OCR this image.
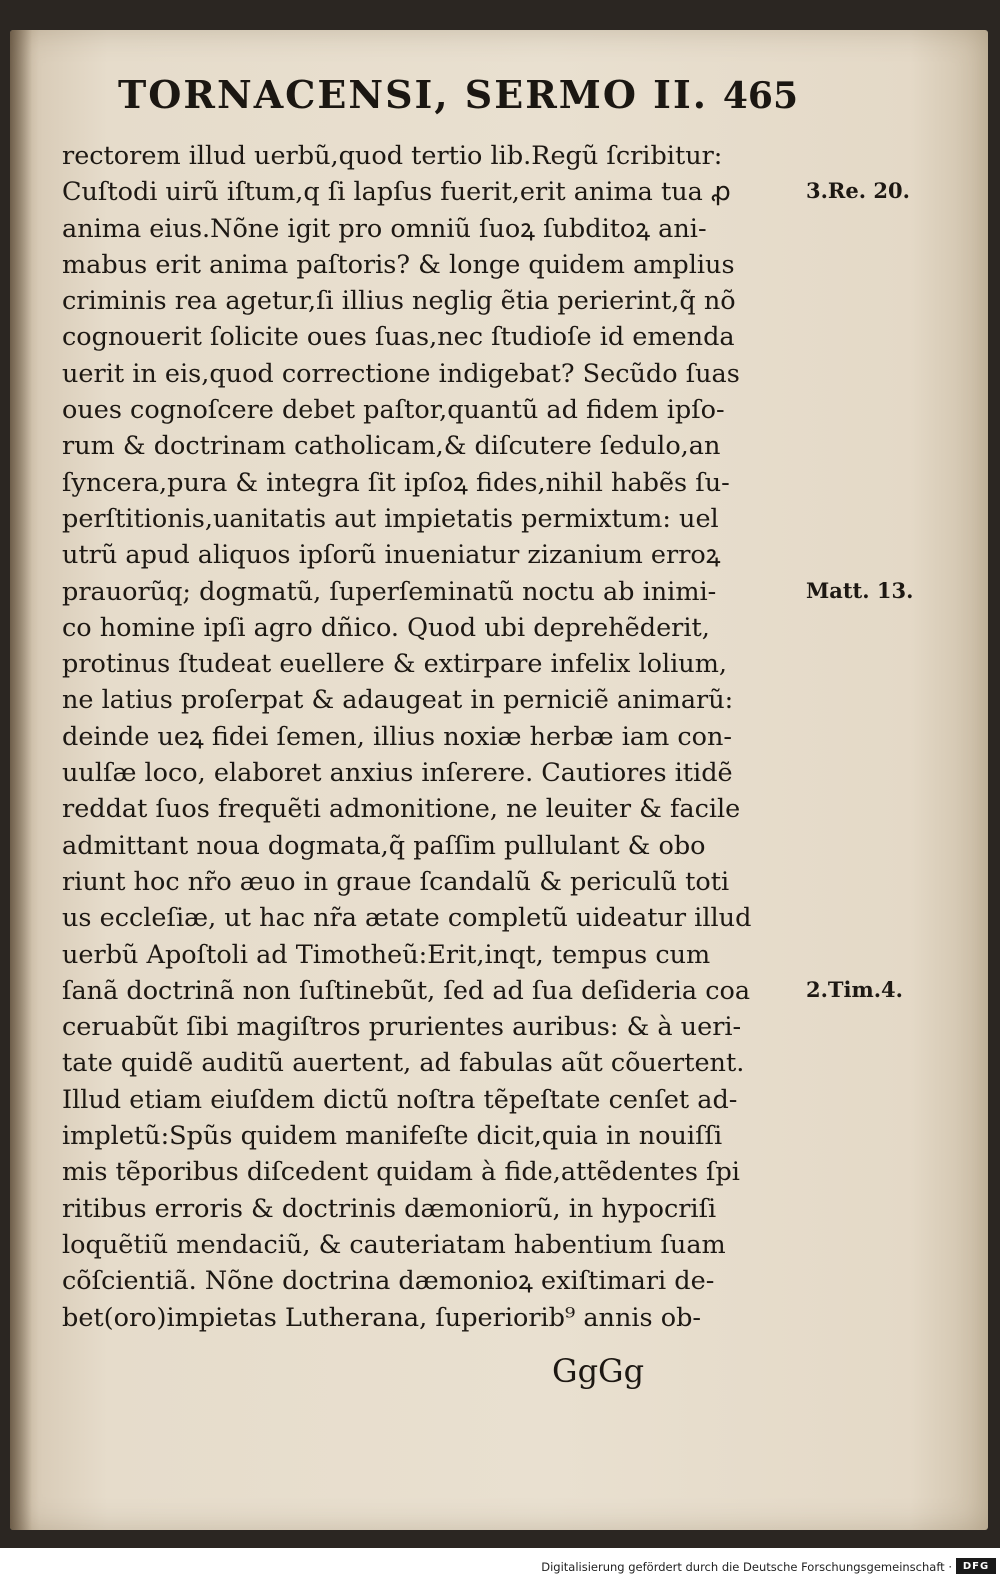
TORNACENSI, SERMO II. 465
rectorem illud uerbũ,quod tertio lib.Regũ ſcribitur:
Cuſtodi uirũ iſtum,q ſi lapſus fuerit,erit anima tua ꝓ
anima eius.Nõne igit pro omniũ ſuoꝝ ſubditoꝝ ani-
mabus erit anima paſtoris? & longe quidem amplius
criminis rea agetur,ſi illius neglig ẽtia perierint,q̃ nõ
cognouerit ſolicite oues ſuas,nec ſtudioſe id emenda
uerit in eis,quod correctione indigebat? Secũdo ſuas
oues cognoſcere debet paſtor,quantũ ad fidem ipſo-
rum & doctrinam catholicam,& diſcutere ſedulo,an
ſyncera,pura & integra ſit ipſoꝝ fides,nihil habẽs ſu-
perſtitionis,uanitatis aut impietatis permixtum: uel
utrũ apud aliquos ipſorũ inueniatur zizanium erroꝝ
prauorũq; dogmatũ, ſuperſeminatũ noctu ab inimi-
co homine ipſi agro dñico. Quod ubi deprehẽderit,
protinus ſtudeat euellere & extirpare infelix lolium,
ne latius proſerpat & adaugeat in perniciẽ animarũ:
deinde ueꝝ fidei ſemen, illius noxiæ herbæ iam con-
uulſæ loco, elaboret anxius inſerere. Cautiores itidẽ
reddat ſuos frequẽti admonitione, ne leuiter & facile
admittant noua dogmata,q̃ paſſim pullulant & obo
riunt hoc nr̃o æuo in graue ſcandalũ & periculũ toti
us eccleſiæ, ut hac nr̃a ætate completũ uideatur illud
uerbũ Apoſtoli ad Timotheũ:Erit,inqt, tempus cum
ſanã doctrinã non ſuſtinebũt, ſed ad ſua deſideria coa
ceruabũt ſibi magiſtros prurientes auribus: & à ueri-
tate quidẽ auditũ auertent, ad fabulas aũt cõuertent.
Illud etiam eiuſdem dictũ noſtra tẽpeſtate cenſet ad-
impletũ:Spũs quidem manifeſte dicit,quia in nouiſſi
mis tẽporibus diſcedent quidam à fide,attẽdentes ſpi
ritibus erroris & doctrinis dæmoniorũ, in hypocriſi
loquẽtiũ mendaciũ, & cauteriatam habentium ſuam
cõſcientiã. Nõne doctrina dæmonioꝝ exiſtimari de-
bet(oro)impietas Lutherana, ſuperiorib⁹ annis ob-
3.Re. 20.
Matt. 13.
2.Tim.4.
GgGg
Digitalisierung gefördert durch die Deutsche Forschungsgemeinschaft ·	DFG
